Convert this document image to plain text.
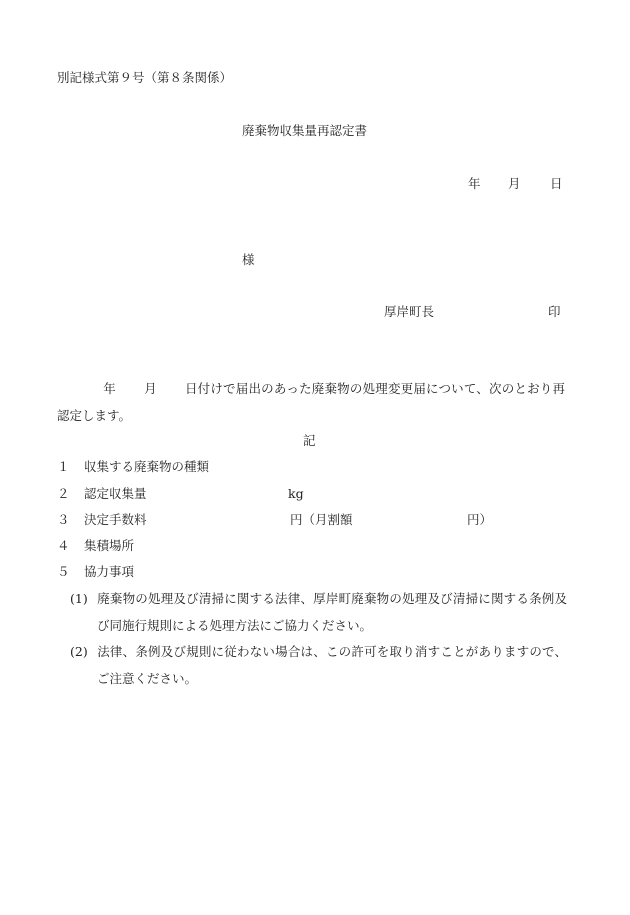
別記様式第９号（第８条関係）
廃棄物収集量再認定書
年 月 日
様
厚岸町長	印
年 月 日付けで届出のあった廃棄物の処理変更届について、次のとおり再認定します。
記
１ 収集する廃棄物の種類
２ 認定収集量	kg
３ 決定手数料	円（月割額	円）
４ 集積場所
５ 協力事項
(1) 廃棄物の処理及び清掃に関する法律、厚岸町廃棄物の処理及び清掃に関する条例及び同施行規則による処理方法にご協力ください。
(2) 法律、条例及び規則に従わない場合は、この許可を取り消すことがありますので、ご注意ください。
